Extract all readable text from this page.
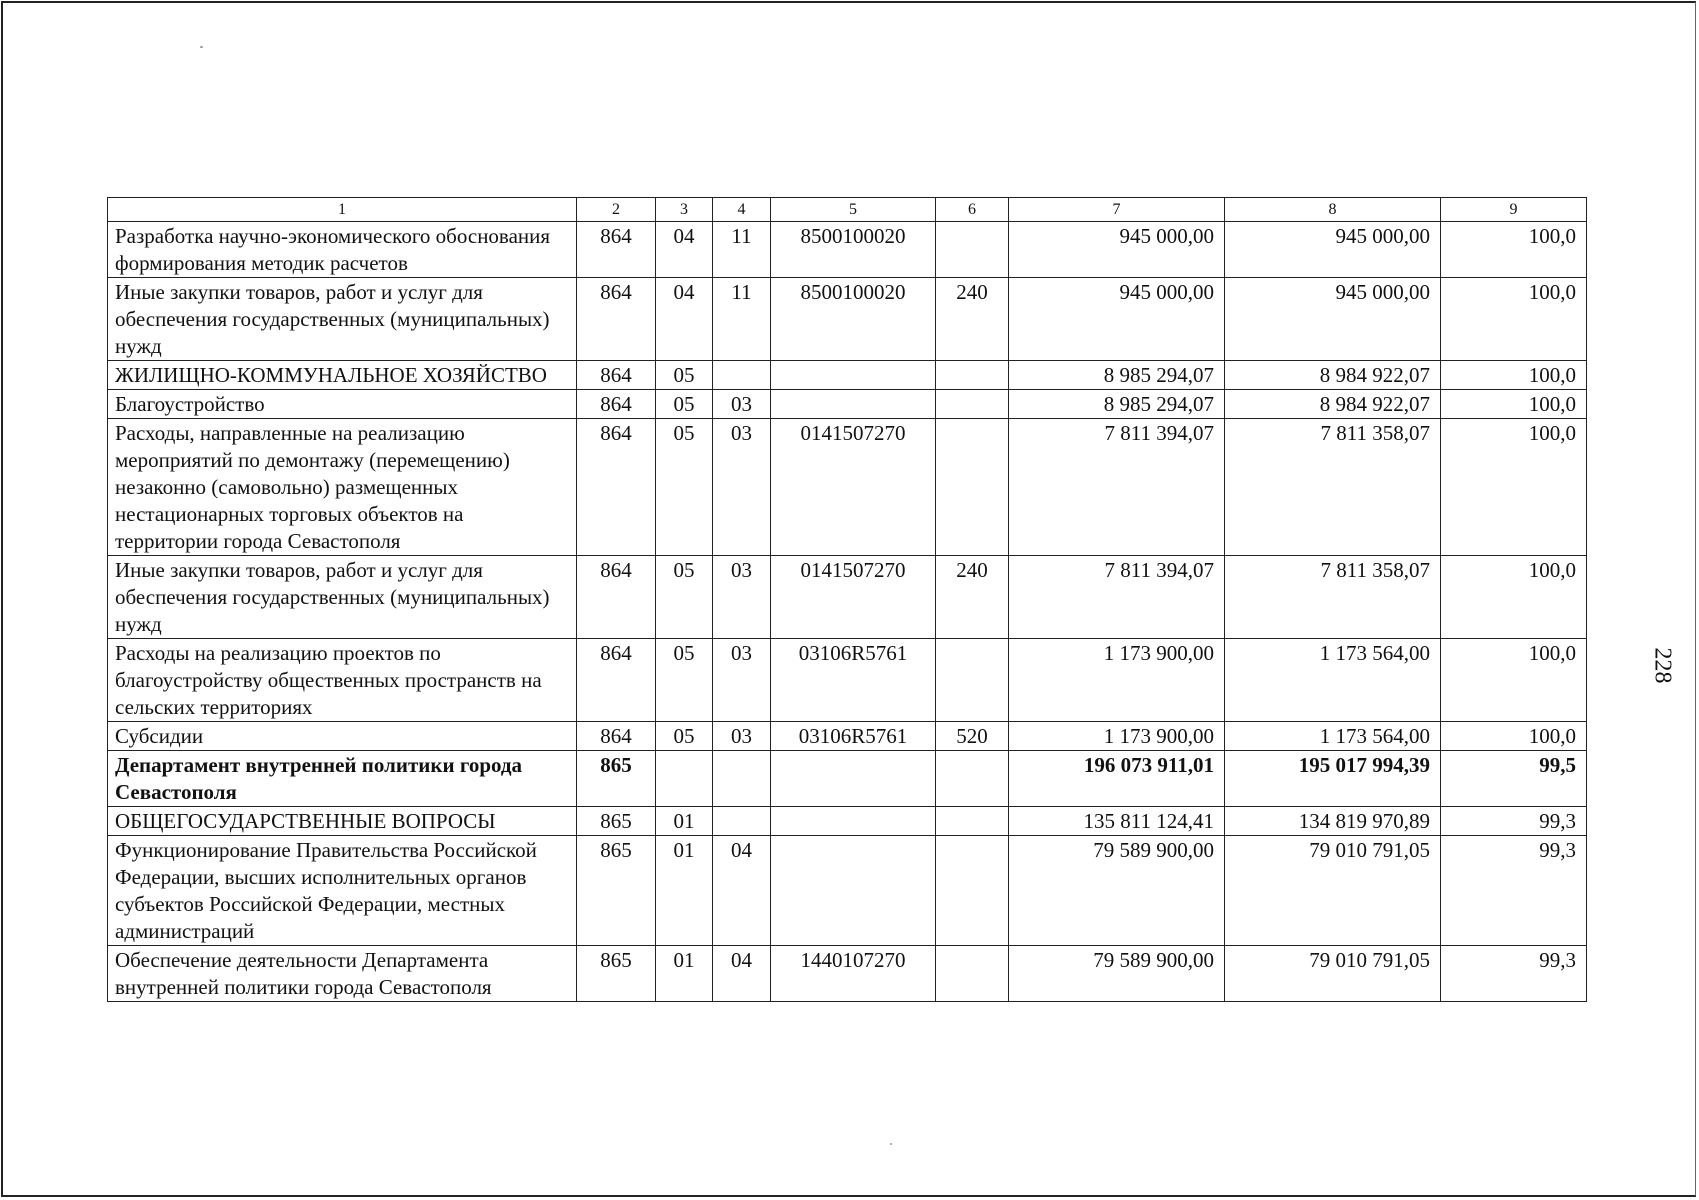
1	2	3	4	5	6	7	8	9
Разработка научно-экономического обоснования формирования методик расчетов	864	04	11	8500100020		945 000,00	945 000,00	100,0
Иные закупки товаров, работ и услуг для обеспечения государственных (муниципальных) нужд	864	04	11	8500100020	240	945 000,00	945 000,00	100,0
ЖИЛИЩНО-КОММУНАЛЬНОЕ ХОЗЯЙСТВО	864	05				8 985 294,07	8 984 922,07	100,0
Благоустройство	864	05	03			8 985 294,07	8 984 922,07	100,0
Расходы, направленные на реализацию мероприятий по демонтажу (перемещению) незаконно (самовольно) размещенных нестационарных торговых объектов на территории города Севастополя	864	05	03	0141507270		7 811 394,07	7 811 358,07	100,0
Иные закупки товаров, работ и услуг для обеспечения государственных (муниципальных) нужд	864	05	03	0141507270	240	7 811 394,07	7 811 358,07	100,0
Расходы на реализацию проектов по благоустройству общественных пространств на сельских территориях	864	05	03	03106R5761		1 173 900,00	1 173 564,00	100,0
Субсидии	864	05	03	03106R5761	520	1 173 900,00	1 173 564,00	100,0
Департамент внутренней политики города Севастополя	865					196 073 911,01	195 017 994,39	99,5
ОБЩЕГОСУДАРСТВЕННЫЕ ВОПРОСЫ	865	01				135 811 124,41	134 819 970,89	99,3
Функционирование Правительства Российской Федерации, высших исполнительных органов субъектов Российской Федерации, местных администраций	865	01	04			79 589 900,00	79 010 791,05	99,3
Обеспечение деятельности Департамента внутренней политики города Севастополя	865	01	04	1440107270		79 589 900,00	79 010 791,05	99,3
228
